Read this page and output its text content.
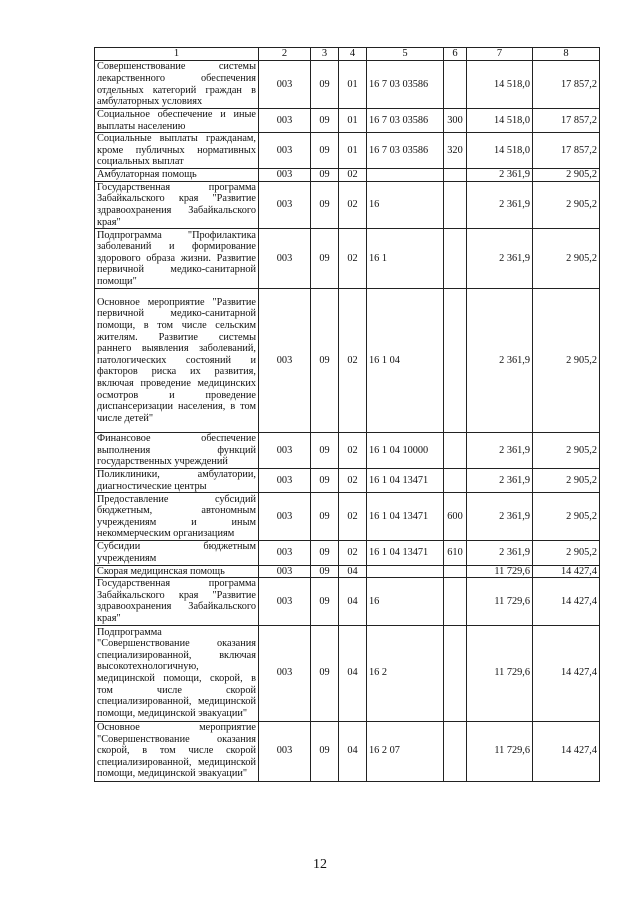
1	2	3	4	5	6	7	8
Совершенствование системы лекарственного обеспечения отдельных категорий граждан в амбулаторных условиях	003	09	01	16 7 03 03586		14 518,0	17 857,2
Социальное обеспечение и иные выплаты населению	003	09	01	16 7 03 03586	300	14 518,0	17 857,2
Социальные выплаты гражданам, кроме публичных нормативных социальных выплат	003	09	01	16 7 03 03586	320	14 518,0	17 857,2
Амбулаторная помощь	003	09	02			2 361,9	2 905,2
Государственная программа Забайкальского края "Развитие здравоохранения Забайкальского края"	003	09	02	16		2 361,9	2 905,2
Подпрограмма "Профилактика заболеваний и формирование здорового образа жизни. Развитие первичной медико-санитарной помощи"	003	09	02	16 1		2 361,9	2 905,2
Основное мероприятие "Развитие первичной медико-санитарной помощи, в том числе сельским жителям. Развитие системы раннего выявления заболеваний, патологических состояний и факторов риска их развития, включая проведение медицинских осмотров и проведение диспансеризации населения, в том числе детей"	003	09	02	16 1 04		2 361,9	2 905,2
Финансовое обеспечение выполнения функций государственных учреждений	003	09	02	16 1 04 10000		2 361,9	2 905,2
Поликлиники, амбулатории, диагностические центры	003	09	02	16 1 04 13471		2 361,9	2 905,2
Предоставление субсидий бюджетным, автономным учреждениям и иным некоммерческим организациям	003	09	02	16 1 04 13471	600	2 361,9	2 905,2
Субсидии бюджетным учреждениям	003	09	02	16 1 04 13471	610	2 361,9	2 905,2
Скорая медицинская помощь	003	09	04			11 729,6	14 427,4
Государственная программа Забайкальского края "Развитие здравоохранения Забайкальского края"	003	09	04	16		11 729,6	14 427,4
Подпрограмма "Совершенствование оказания специализированной, включая высокотехнологичную, медицинской помощи, скорой, в том числе скорой специализированной, медицинской помощи, медицинской эвакуации"	003	09	04	16 2		11 729,6	14 427,4
Основное мероприятие "Совершенствование оказания скорой, в том числе скорой специализированной, медицинской помощи, медицинской эвакуации"	003	09	04	16 2 07		11 729,6	14 427,4
12
